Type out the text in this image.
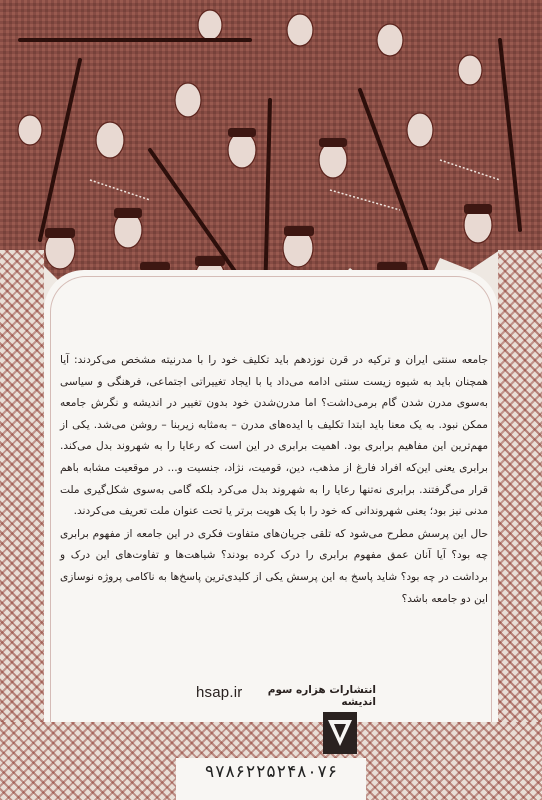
جامعه سنتی ایران و ترکیه در قرن نوزدهم باید تکلیف خود را با مدرنیته مشخص می‌کردند: آیا همچنان باید به شیوه زیست سنتی ادامه می‌داد یا با ایجاد تغییراتی اجتماعی، فرهنگی و سیاسی به‌سوی مدرن شدن گام برمی‌داشت؟ اما مدرن‌شدن خود بدون تغییر در اندیشه و نگرش جامعه ممکن نبود. به یک معنا باید ابتدا تکلیف با ایده‌های مدرن – به‌مثابه زیربنا – روشن می‌شد. یکی از مهم‌ترین این مفاهیم برابری بود. اهمیت برابری در این است که رعایا را به شهروند بدل می‌کند. برابری یعنی این‌که افراد فارغ از مذهب، دین، قومیت، نژاد، جنسیت و... در موقعیت مشابه باهم قرار می‌گرفتند. برابری نه‌تنها رعایا را به شهروند بدل می‌کرد بلکه گامی به‌سوی شکل‌گیری ملت مدنی نیز بود؛ یعنی شهروندانی که خود را با یک هویت برتر یا تحت عنوان ملت تعریف می‌کردند.

حال این پرسش مطرح می‌شود که تلقی جریان‌های متفاوت فکری در این جامعه از مفهوم برابری چه بود؟ آیا آنان عمق مفهوم برابری را درک کرده بودند؟ شباهت‌ها و تفاوت‌های این درک و برداشت در چه بود؟ شاید پاسخ به این پرسش یکی از کلیدی‌ترین پاسخ‌ها به ناکامی پروژه نوسازی این دو جامعه باشد؟

hsap.ir	انتشارات هزاره سوم اندیشه
۹۷۸۶۲۲۵۲۴۸۰۷۶
